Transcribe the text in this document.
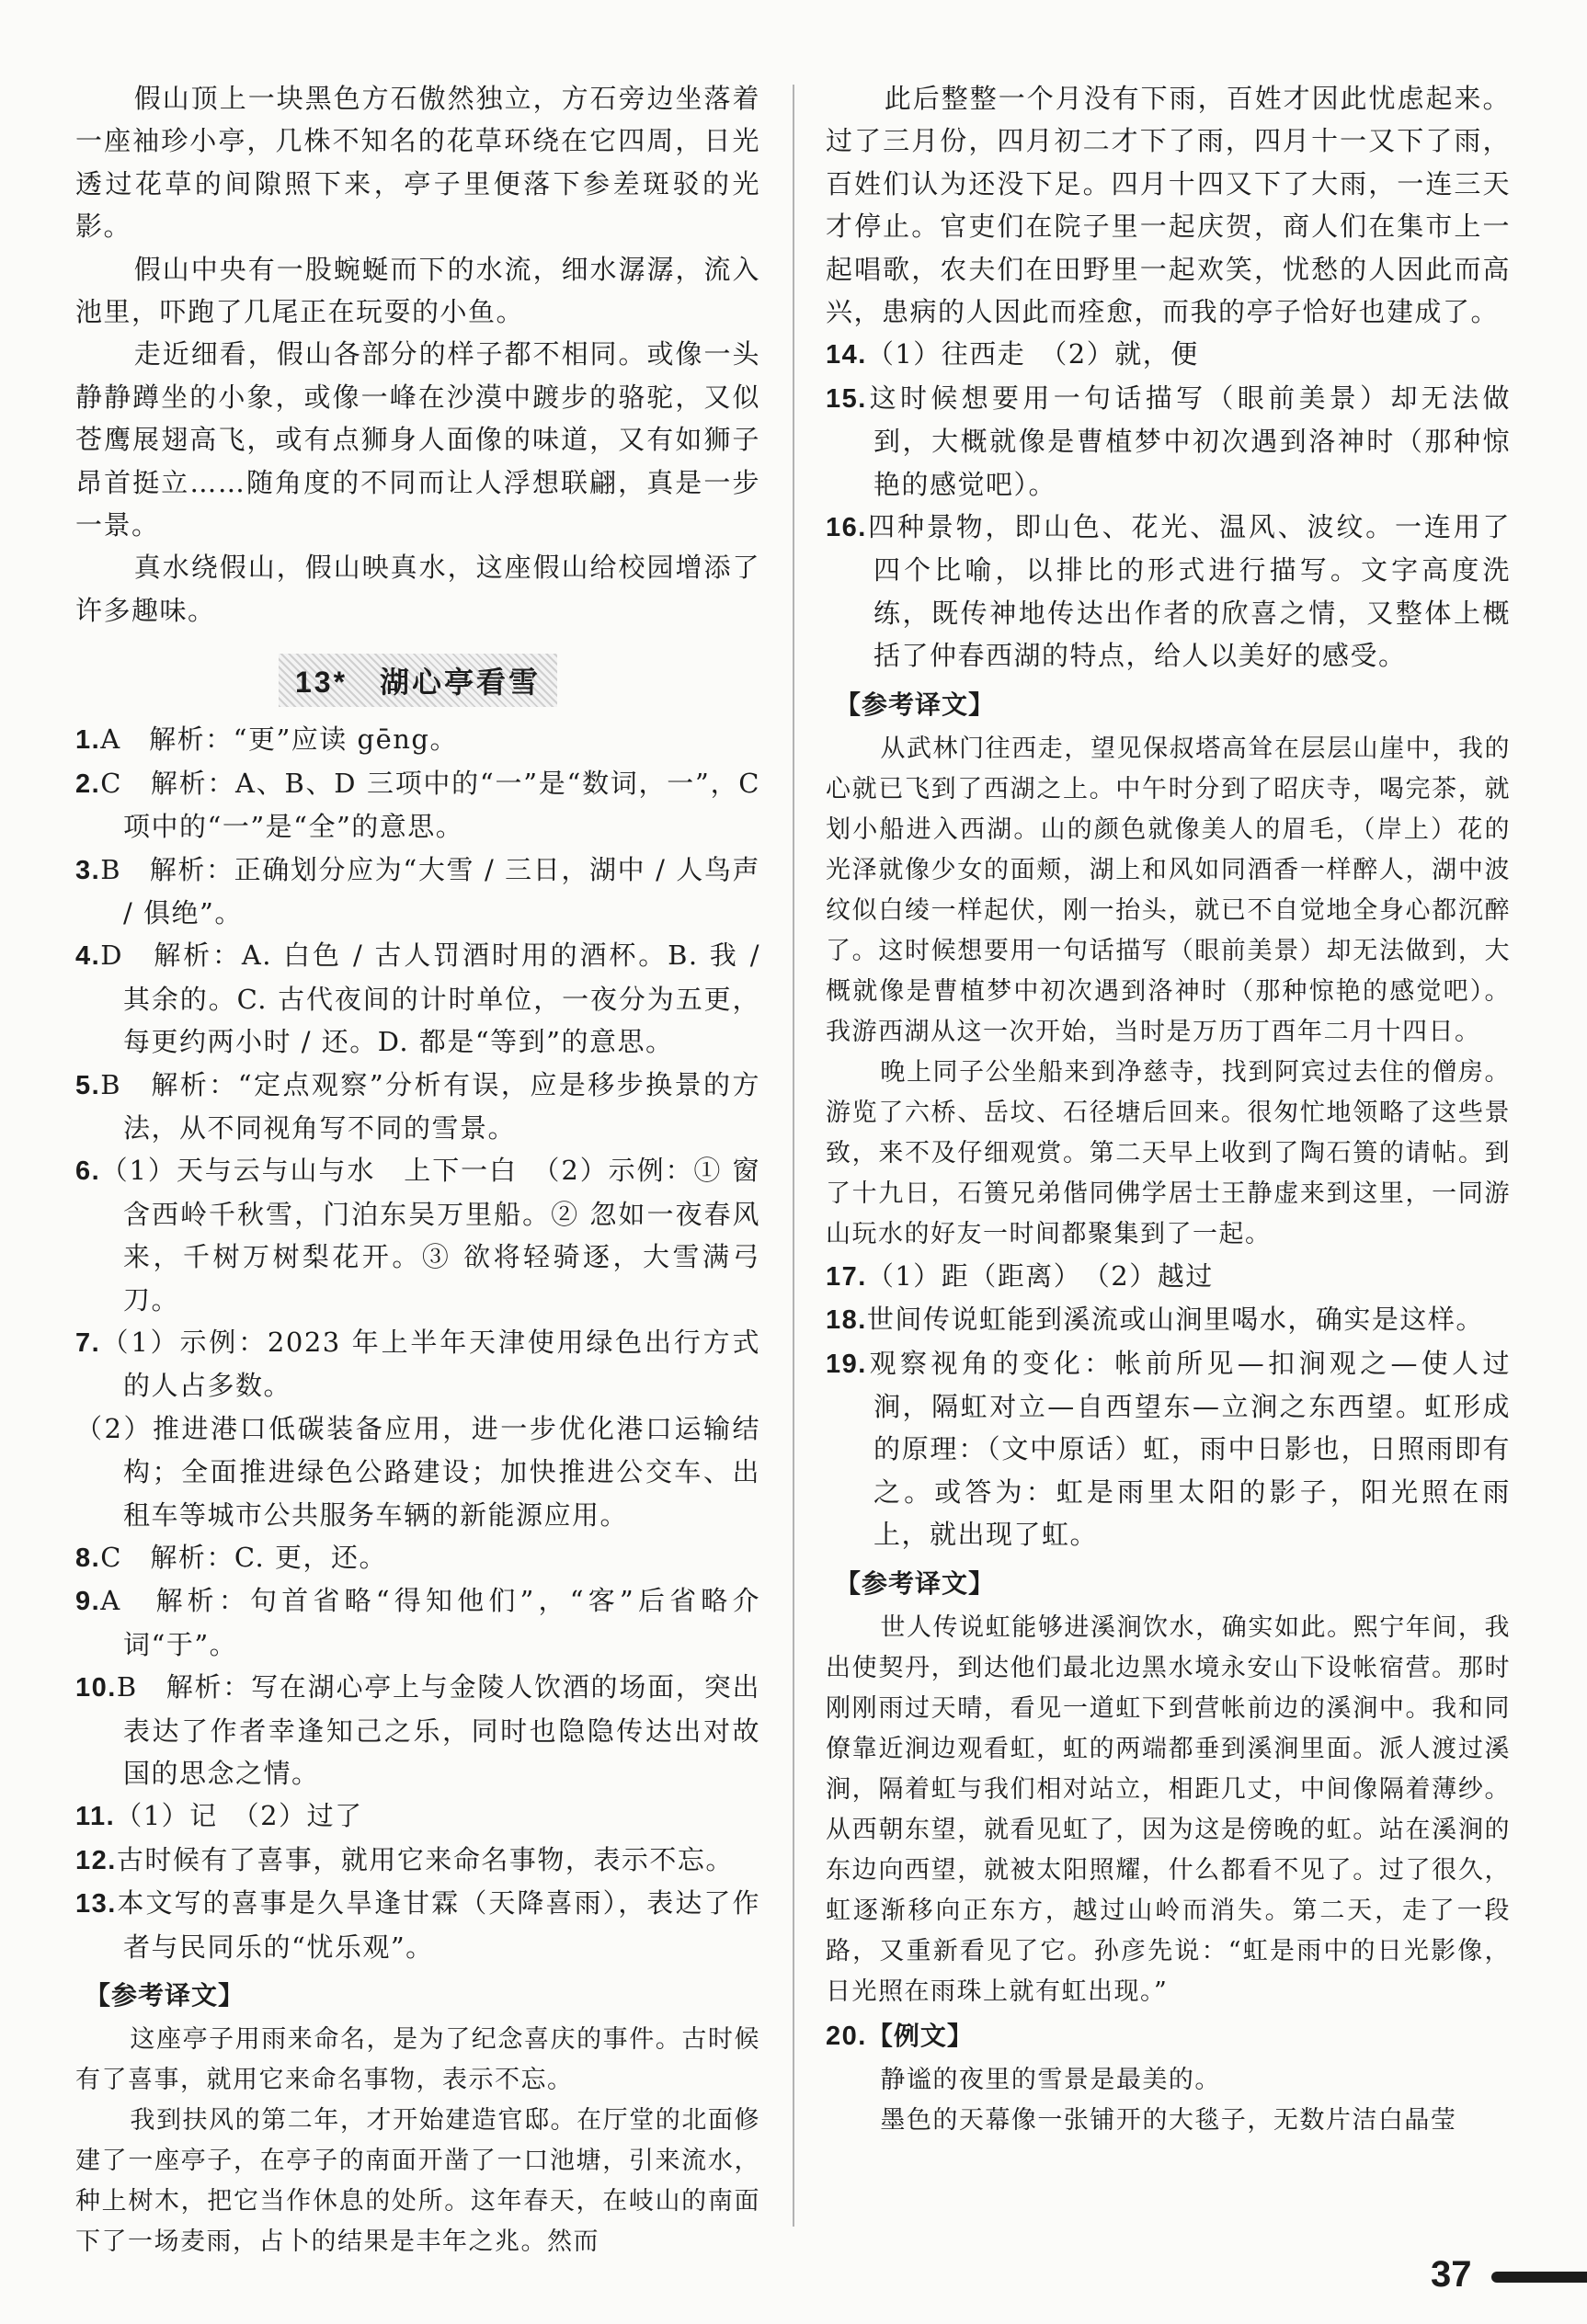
假山顶上一块黑色方石傲然独立，方石旁边坐落着一座袖珍小亭，几株不知名的花草环绕在它四周，日光透过花草的间隙照下来，亭子里便落下参差斑驳的光影。

假山中央有一股蜿蜒而下的水流，细水潺潺，流入池里，吓跑了几尾正在玩耍的小鱼。

走近细看，假山各部分的样子都不相同。或像一头静静蹲坐的小象，或像一峰在沙漠中踱步的骆驼，又似苍鹰展翅高飞，或有点狮身人面像的味道，又有如狮子昂首挺立……随角度的不同而让人浮想联翩，真是一步一景。

真水绕假山，假山映真水，这座假山给校园增添了许多趣味。

13*　湖心亭看雪

1.A　解析：“更”应读 gēng。

2.C　解析：A、B、D 三项中的“一”是“数词，一”，C 项中的“一”是“全”的意思。

3.B　解析：正确划分应为“大雪 / 三日，湖中 / 人鸟声 / 俱绝”。

4.D　解析：A. 白色 / 古人罚酒时用的酒杯。B. 我 / 其余的。C. 古代夜间的计时单位，一夜分为五更，每更约两小时 / 还。D. 都是“等到”的意思。

5.B　解析：“定点观察”分析有误，应是移步换景的方法，从不同视角写不同的雪景。

6.（1）天与云与山与水　上下一白　（2）示例：① 窗含西岭千秋雪，门泊东吴万里船。② 忽如一夜春风来，千树万树梨花开。③ 欲将轻骑逐，大雪满弓刀。

7.（1）示例：2023 年上半年天津使用绿色出行方式的人占多数。

（2）推进港口低碳装备应用，进一步优化港口运输结构；全面推进绿色公路建设；加快推进公交车、出租车等城市公共服务车辆的新能源应用。

8.C　解析：C. 更，还。

9.A　解析：句首省略“得知他们”，“客”后省略介词“于”。

10.B　解析：写在湖心亭上与金陵人饮酒的场面，突出表达了作者幸逢知己之乐，同时也隐隐传达出对故国的思念之情。

11.（1）记　（2）过了

12.古时候有了喜事，就用它来命名事物，表示不忘。

13.本文写的喜事是久旱逢甘霖（天降喜雨），表达了作者与民同乐的“忧乐观”。

【参考译文】

这座亭子用雨来命名，是为了纪念喜庆的事件。古时候有了喜事，就用它来命名事物，表示不忘。

我到扶风的第二年，才开始建造官邸。在厅堂的北面修建了一座亭子，在亭子的南面开凿了一口池塘，引来流水，种上树木，把它当作休息的处所。这年春天，在岐山的南面下了一场麦雨，占卜的结果是丰年之兆。然而

此后整整一个月没有下雨，百姓才因此忧虑起来。过了三月份，四月初二才下了雨，四月十一又下了雨，百姓们认为还没下足。四月十四又下了大雨，一连三天才停止。官吏们在院子里一起庆贺，商人们在集市上一起唱歌，农夫们在田野里一起欢笑，忧愁的人因此而高兴，患病的人因此而痊愈，而我的亭子恰好也建成了。

14.（1）往西走　（2）就，便

15.这时候想要用一句话描写（眼前美景）却无法做到，大概就像是曹植梦中初次遇到洛神时（那种惊艳的感觉吧）。

16.四种景物，即山色、花光、温风、波纹。一连用了四个比喻，以排比的形式进行描写。文字高度洗练，既传神地传达出作者的欣喜之情，又整体上概括了仲春西湖的特点，给人以美好的感受。

【参考译文】

从武林门往西走，望见保叔塔高耸在层层山崖中，我的心就已飞到了西湖之上。中午时分到了昭庆寺，喝完茶，就划小船进入西湖。山的颜色就像美人的眉毛，（岸上）花的光泽就像少女的面颊，湖上和风如同酒香一样醉人，湖中波纹似白绫一样起伏，刚一抬头，就已不自觉地全身心都沉醉了。这时候想要用一句话描写（眼前美景）却无法做到，大概就像是曹植梦中初次遇到洛神时（那种惊艳的感觉吧）。我游西湖从这一次开始，当时是万历丁酉年二月十四日。

晚上同子公坐船来到净慈寺，找到阿宾过去住的僧房。游览了六桥、岳坟、石径塘后回来。很匆忙地领略了这些景致，来不及仔细观赏。第二天早上收到了陶石篑的请帖。到了十九日，石篑兄弟偕同佛学居士王静虚来到这里，一同游山玩水的好友一时间都聚集到了一起。

17.（1）距（距离）　（2）越过

18.世间传说虹能到溪流或山涧里喝水，确实是这样。

19.观察视角的变化：帐前所见—扣涧观之—使人过涧，隔虹对立—自西望东—立涧之东西望。虹形成的原理：（文中原话）虹，雨中日影也，日照雨即有之。或答为：虹是雨里太阳的影子，阳光照在雨上，就出现了虹。

【参考译文】

世人传说虹能够进溪涧饮水，确实如此。熙宁年间，我出使契丹，到达他们最北边黑水境永安山下设帐宿营。那时刚刚雨过天晴，看见一道虹下到营帐前边的溪涧中。我和同僚靠近涧边观看虹，虹的两端都垂到溪涧里面。派人渡过溪涧，隔着虹与我们相对站立，相距几丈，中间像隔着薄纱。从西朝东望，就看见虹了，因为这是傍晚的虹。站在溪涧的东边向西望，就被太阳照耀，什么都看不见了。过了很久，虹逐渐移向正东方，越过山岭而消失。第二天，走了一段路，又重新看见了它。孙彦先说：“虹是雨中的日光影像，日光照在雨珠上就有虹出现。”

20.【例文】

静谧的夜里的雪景是最美的。

墨色的天幕像一张铺开的大毯子，无数片洁白晶莹

37
